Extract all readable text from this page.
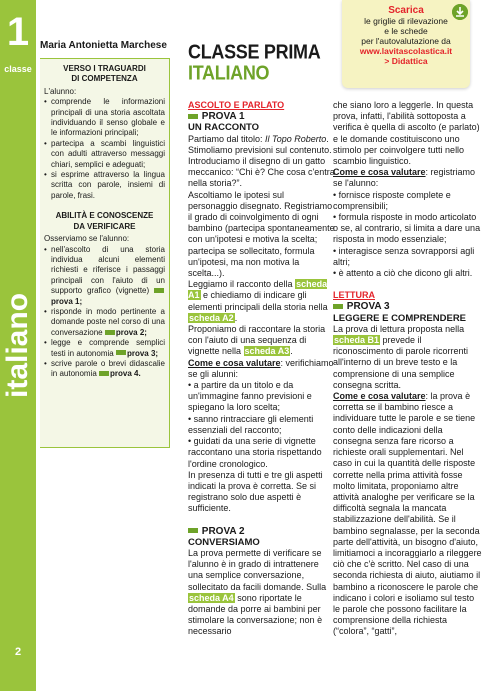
1
classe
italiano
2
Maria Antonietta Marchese
VERSO I TRAGUARDI
DI COMPETENZA
L'alunno:
• comprende le informazioni principali di una storia ascoltata individuando il senso globale e le informazioni principali;
• partecipa a scambi linguistici con adulti attraverso messaggi chiari, semplici e adeguati;
• si esprime attraverso la lingua scritta con parole, insiemi di parole, frasi.
ABILITÀ E CONOSCENZE
DA VERIFICARE
Osserviamo se l'alunno:
• nell'ascolto di una storia individua alcuni elementi richiesti e riferisce i passaggi principali con l'aiuto di un supporto grafico (vignette) prova 1;
• risponde in modo pertinente a domande poste nel corso di una conversazione prova 2;
• legge e comprende semplici testi in autonomia prova 3;
• scrive parole o brevi didascalie in autonomia prova 4.
CLASSE PRIMA
ITALIANO
Scarica
le griglie di rilevazione
e le schede
per l'autovalutazione da
www.lavitascolastica.it
> Didattica
ASCOLTO E PARLATO
PROVA 1
UN RACCONTO

Partiamo dal titolo: Il Topo Roberto. Stimoliamo previsioni sul contenuto. Introduciamo il disegno di un gatto meccanico: “Chi è? Che cosa c'entra nella storia?”.

Ascoltiamo le ipotesi sul personaggio disegnato. Registriamo il grado di coinvolgimento di ogni bambino (partecipa spontaneamente con un'ipotesi e motiva la scelta; partecipa se sollecitato, formula un'ipotesi, ma non motiva la scelta...).

Leggiamo il racconto della scheda A1 e chiediamo di indicare gli elementi principali della storia nella scheda A2.

Proponiamo di raccontare la storia con l'aiuto di una sequenza di vignette nella scheda A3.

Come e cosa valutare: verifichiamo se gli alunni:

• a partire da un titolo e da un'immagine fanno previsioni e spiegano la loro scelta;

• sanno rintracciare gli elementi essenziali del racconto;

• guidati da una serie di vignette raccontano una storia rispettando l'ordine cronologico.

In presenza di tutti e tre gli aspetti indicati la prova è corretta. Se si registrano solo due aspetti è sufficiente.

PROVA 2
CONVERSIAMO

La prova permette di verificare se l'alunno è in grado di intrattenere una semplice conversazione, sollecitato da facili domande. Sulla scheda A4 sono riportate le domande da porre ai bambini per stimolare la conversazione; non è necessario

che siano loro a leggerle. In questa prova, infatti, l'abilità sottoposta a verifica è quella di ascolto (e parlato) e le domande costituiscono uno stimolo per coinvolgere tutti nello scambio linguistico.

Come e cosa valutare: registriamo se l'alunno:

• fornisce risposte complete e comprensibili;

• formula risposte in modo articolato o se, al contrario, si limita a dare una risposta in modo essenziale;

• interagisce senza sovrapporsi agli altri;

• è attento a ciò che dicono gli altri.

LETTURA
PROVA 3
LEGGERE E COMPRENDERE

La prova di lettura proposta nella scheda B1 prevede il riconoscimento di parole ricorrenti all'interno di un breve testo e la comprensione di una semplice consegna scritta.

Come e cosa valutare: la prova è corretta se il bambino riesce a individuare tutte le parole e se tiene conto delle indicazioni della consegna senza fare ricorso a richieste orali supplementari. Nel caso in cui la quantità delle risposte corrette nella prima attività fosse molto limitata, proponiamo altre attività analoghe per verificare se la difficoltà segnala la mancata stabilizzazione dell'abilità. Se il bambino segnalasse, per la seconda parte dell'attività, un bisogno d'aiuto, limitiamoci a incoraggiarlo a rileggere ciò che c'è scritto. Nel caso di una seconda richiesta di aiuto, aiutiamo il bambino a riconoscere le parole che indicano i colori e isoliamo sul testo le parole che possono facilitare la comprensione della richiesta (“colora”, “gatti”,
